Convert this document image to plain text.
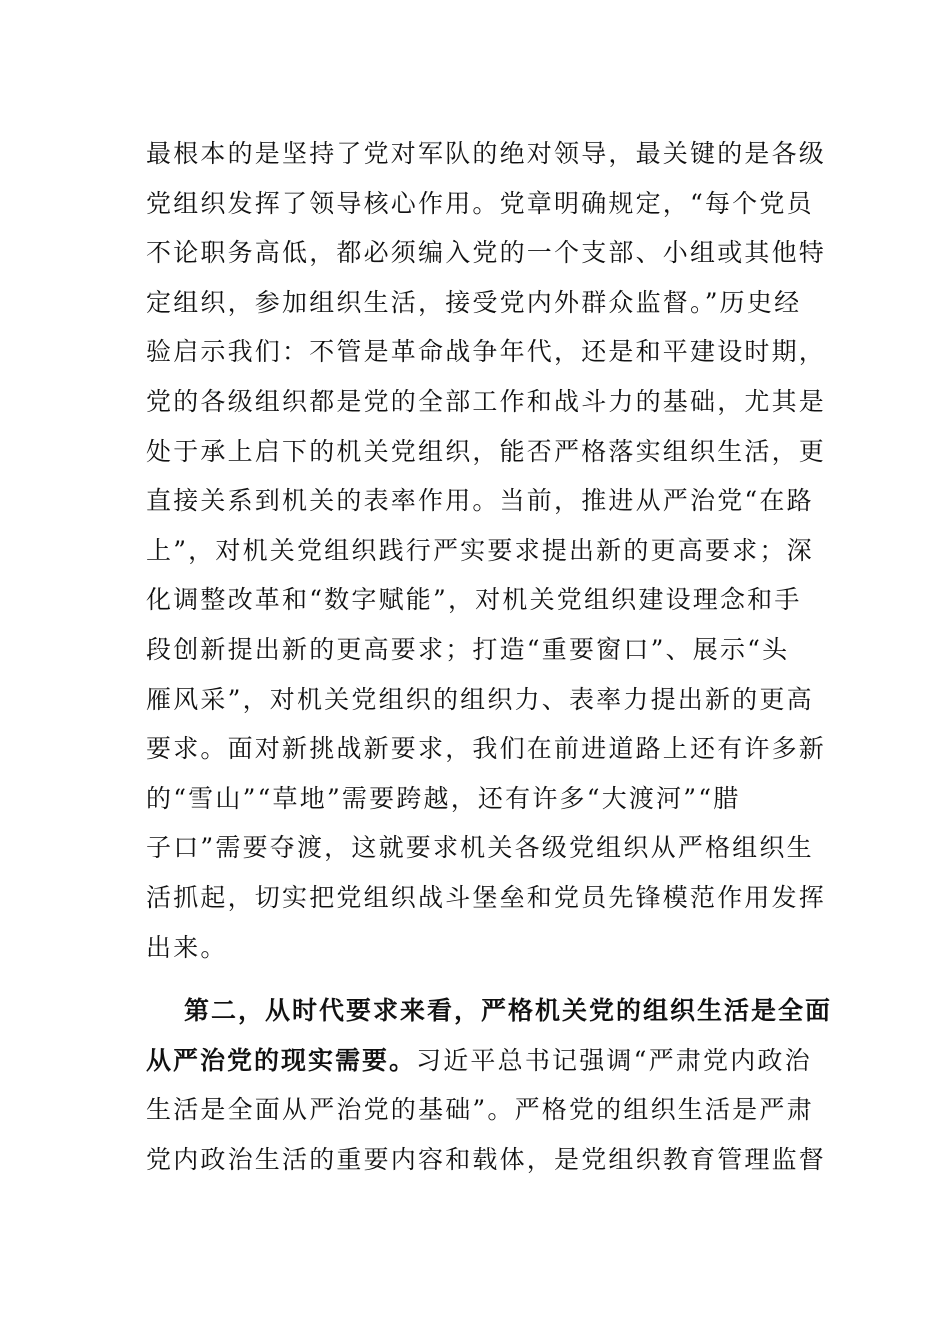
最根本的是坚持了党对军队的绝对领导，最关键的是各级
党组织发挥了领导核心作用。党章明确规定，“每个党员
不论职务高低，都必须编入党的一个支部、小组或其他特
定组织，参加组织生活，接受党内外群众监督。”历史经
验启示我们：不管是革命战争年代，还是和平建设时期，
党的各级组织都是党的全部工作和战斗力的基础，尤其是
处于承上启下的机关党组织，能否严格落实组织生活，更
直接关系到机关的表率作用。当前，推进从严治党“在路
上”，对机关党组织践行严实要求提出新的更高要求；深
化调整改革和“数字赋能”，对机关党组织建设理念和手
段创新提出新的更高要求；打造“重要窗口”、展示“头
雁风采”，对机关党组织的组织力、表率力提出新的更高
要求。面对新挑战新要求，我们在前进道路上还有许多新
的“雪山”“草地”需要跨越，还有许多“大渡河”“腊
子口”需要夺渡，这就要求机关各级党组织从严格组织生
活抓起，切实把党组织战斗堡垒和党员先锋模范作用发挥
出来。
第二，从时代要求来看，严格机关党的组织生活是全面
从严治党的现实需要。习近平总书记强调“严肃党内政治
生活是全面从严治党的基础”。严格党的组织生活是严肃
党内政治生活的重要内容和载体，是党组织教育管理监督
